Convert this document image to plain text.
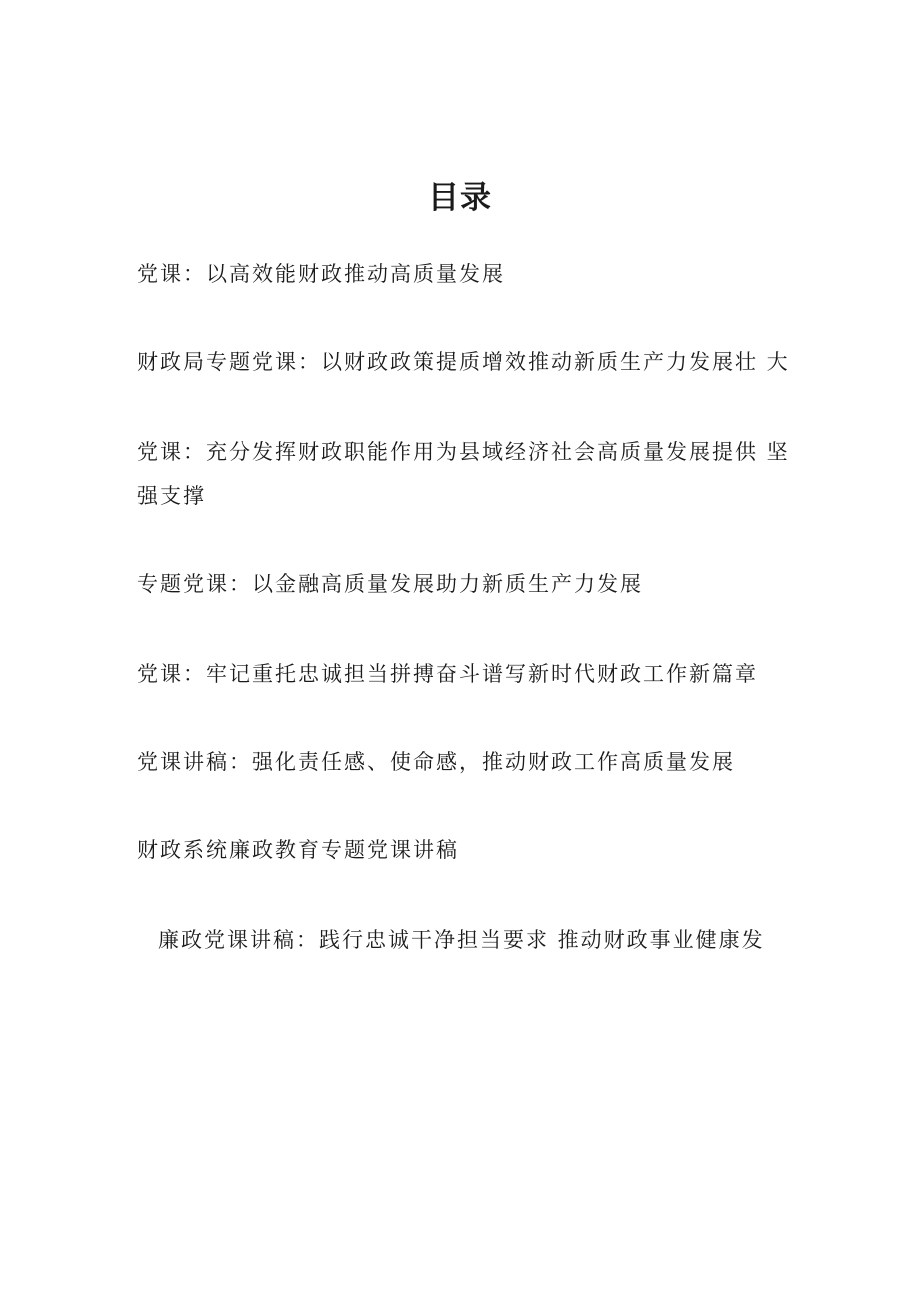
目录
党课：以高效能财政推动高质量发展
财政局专题党课：以财政政策提质增效推动新质生产力发展壮 大
党课：充分发挥财政职能作用为县域经济社会高质量发展提供 坚强支撑
专题党课：以金融高质量发展助力新质生产力发展
党课：牢记重托忠诚担当拼搏奋斗谱写新时代财政工作新篇章
党课讲稿：强化责任感、使命感，推动财政工作高质量发展
财政系统廉政教育专题党课讲稿
廉政党课讲稿：践行忠诚干净担当要求 推动财政事业健康发
